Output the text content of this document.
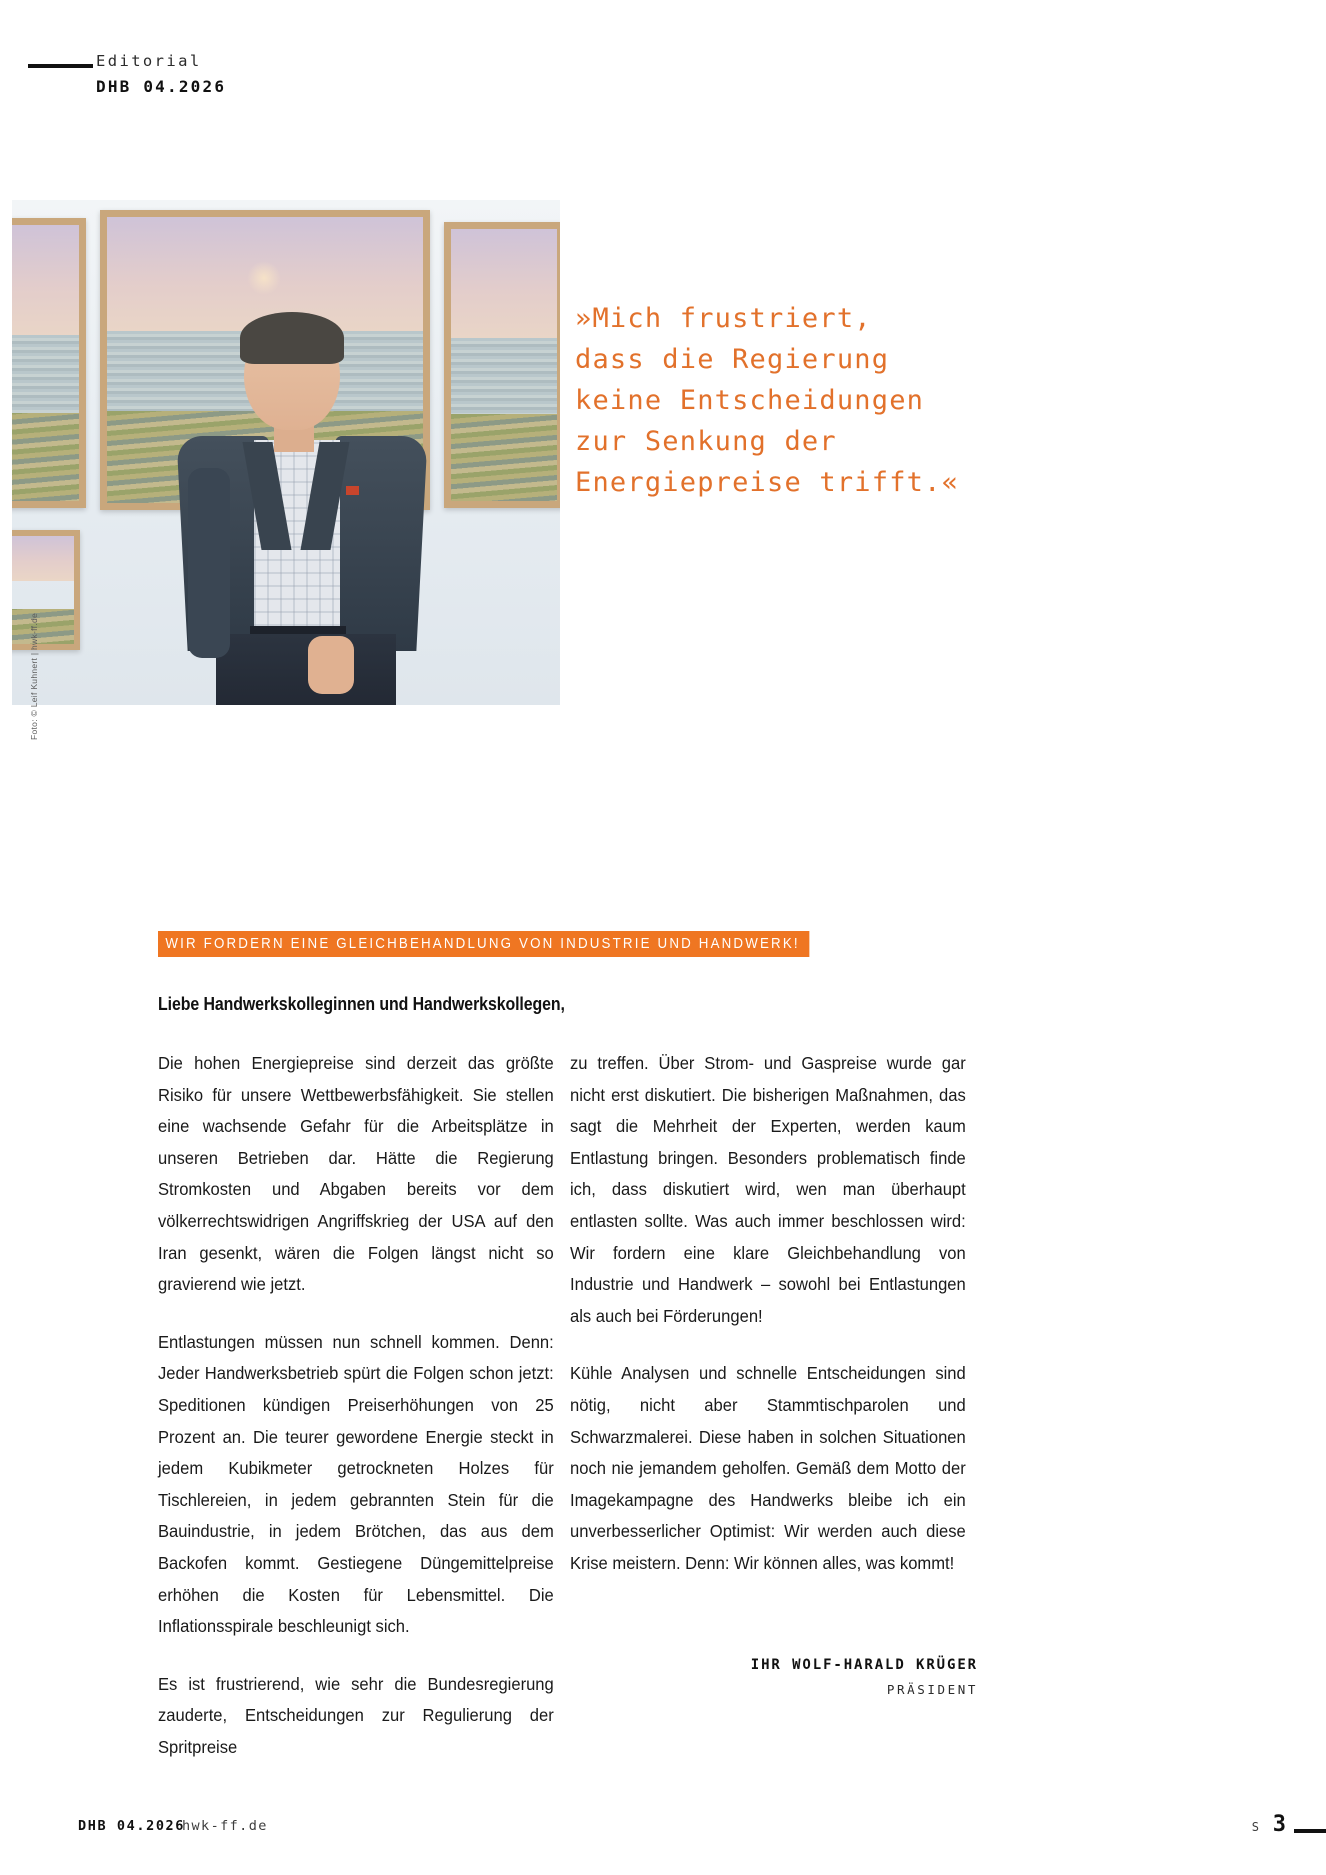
Editorial
DHB 04.2026
Foto: © Leif Kuhnert | hwk-ff.de
»Mich frustriert,
dass die Regierung
keine Entscheidungen
zur Senkung der
Energiepreise trifft.«
WIR FORDERN EINE GLEICHBEHANDLUNG VON INDUSTRIE UND HANDWERK!
Liebe Handwerkskolleginnen und Handwerkskollegen,

Die hohen Energiepreise sind derzeit das größte Risiko für unsere Wettbewerbsfähigkeit. Sie stellen eine wachsende Gefahr für die Arbeitsplätze in unseren Betrieben dar. Hätte die Regierung Stromkosten und Abgaben bereits vor dem völkerrechtswidrigen Angriffskrieg der USA auf den Iran gesenkt, wären die Folgen längst nicht so gravierend wie jetzt.

Entlastungen müssen nun schnell kommen. Denn: Jeder Handwerksbetrieb spürt die Folgen schon jetzt: Speditionen kündigen Preiserhöhungen von 25 Prozent an. Die teurer gewordene Energie steckt in jedem Kubikmeter getrockneten Holzes für Tischlereien, in jedem gebrannten Stein für die Bauindustrie, in jedem Brötchen, das aus dem Backofen kommt. Gestiegene Düngemittelpreise erhöhen die Kosten für Lebensmittel. Die Inflationsspirale beschleunigt sich.

Es ist frustrierend, wie sehr die Bundesregierung zauderte, Entscheidungen zur Regulierung der Spritpreise

zu treffen. Über Strom- und Gaspreise wurde gar nicht erst diskutiert. Die bisherigen Maßnahmen, das sagt die Mehrheit der Experten, werden kaum Entlastung bringen. Besonders problematisch finde ich, dass diskutiert wird, wen man überhaupt entlasten sollte. Was auch immer beschlossen wird: Wir fordern eine klare Gleichbehandlung von Industrie und Handwerk – sowohl bei Entlastungen als auch bei Förderungen!

Kühle Analysen und schnelle Entscheidungen sind nötig, nicht aber Stammtischparolen und Schwarzmalerei. Diese haben in solchen Situationen noch nie jemandem geholfen. Gemäß dem Motto der Imagekampagne des Handwerks bleibe ich ein unverbesserlicher Optimist: Wir werden auch diese Krise meistern. Denn: Wir können alles, was kommt!

IHR WOLF-HARALD KRÜGER
PRÄSIDENT
DHB 04.2026
hwk-ff.de	S 3
